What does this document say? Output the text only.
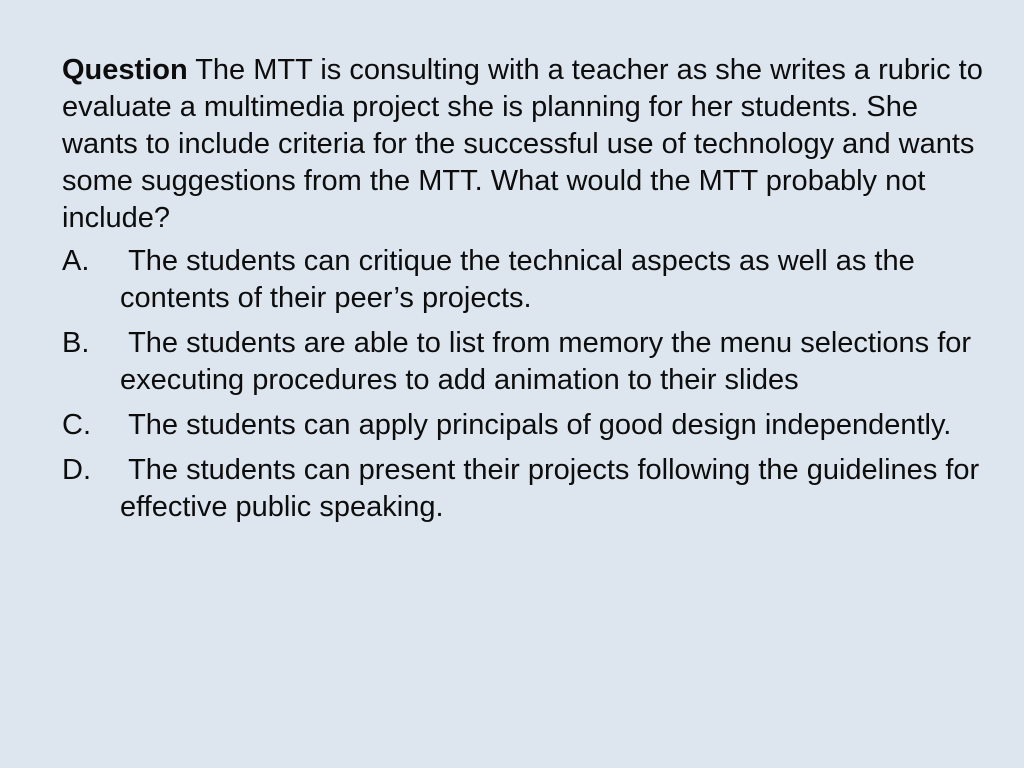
Question The MTT is consulting with a teacher as she writes a rubric to evaluate a multimedia project she is planning for her students. She wants to include criteria for the successful use of technology and wants some suggestions from the MTT. What would the MTT probably not include?

A.	The students can critique the technical aspects as well as the contents of their peer’s projects.
B.	The students are able to list from memory the menu selections for executing procedures to add animation to their slides
C.	The students can apply principals of good design independently.
D.	The students can present their projects following the guidelines for effective public speaking.
